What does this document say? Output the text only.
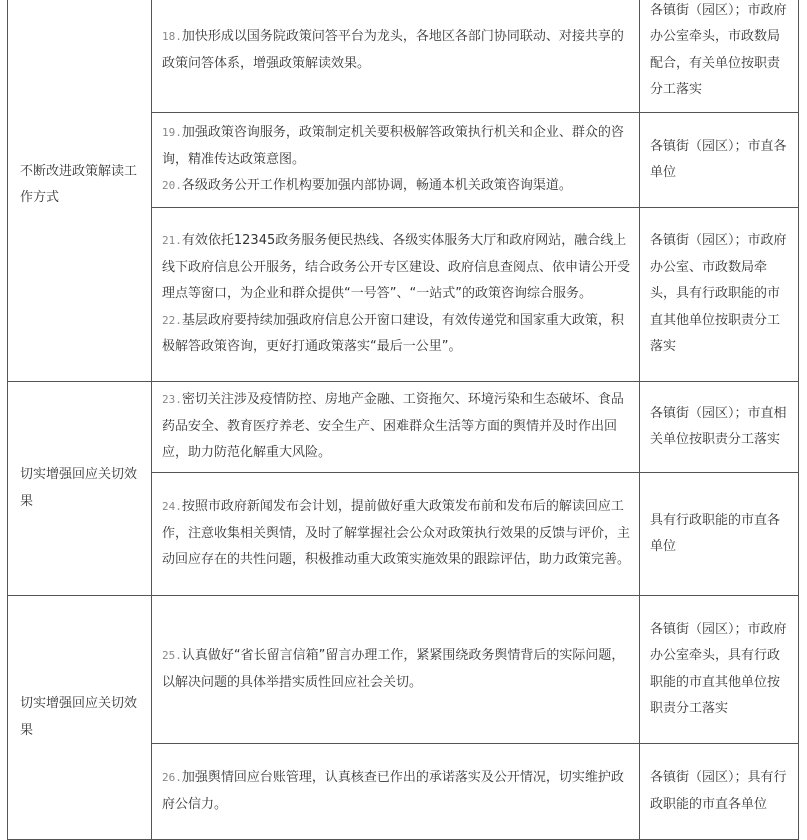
不断改进政策解读工作方式	18.加快形成以国务院政策问答平台为龙头，各地区各部门协同联动、对接共享的政策问答体系，增强政策解读效果。	各镇街（园区）；市政府办公室牵头，市政数局配合，有关单位按职责分工落实

	19.加强政策咨询服务，政策制定机关要积极解答政策执行机关和企业、群众的咨询，精准传达政策意图。
20.各级政务公开工作机构要加强内部协调，畅通本机关政策咨询渠道。	各镇街（园区）；市直各单位

	21.有效依托12345政务服务便民热线、各级实体服务大厅和政府网站，融合线上线下政府信息公开服务，结合政务公开专区建设、政府信息查阅点、依申请公开受理点等窗口，为企业和群众提供“一号答”、“一站式”的政策咨询综合服务。
22.基层政府要持续加强政府信息公开窗口建设，有效传递党和国家重大政策，积极解答政策咨询，更好打通政策落实“最后一公里”。	各镇街（园区）；市政府办公室、市政数局牵头，具有行政职能的市直其他单位按职责分工落实
切实增强回应关切效果	23.密切关注涉及疫情防控、房地产金融、工资拖欠、环境污染和生态破坏、食品药品安全、教育医疗养老、安全生产、困难群众生活等方面的舆情并及时作出回应，助力防范化解重大风险。	各镇街（园区）；市直相关单位按职责分工落实

	24.按照市政府新闻发布会计划，提前做好重大政策发布前和发布后的解读回应工作，注意收集相关舆情，及时了解掌握社会公众对政策执行效果的反馈与评价，主动回应存在的共性问题，积极推动重大政策实施效果的跟踪评估，助力政策完善。	具有行政职能的市直各单位
切实增强回应关切效果	25.认真做好“省长留言信箱”留言办理工作，紧紧围绕政务舆情背后的实际问题，以解决问题的具体举措实质性回应社会关切。	各镇街（园区）；市政府办公室牵头，具有行政职能的市直其他单位按职责分工落实

	26.加强舆情回应台账管理，认真核查已作出的承诺落实及公开情况，切实维护政府公信力。	各镇街（园区）；具有行政职能的市直各单位
